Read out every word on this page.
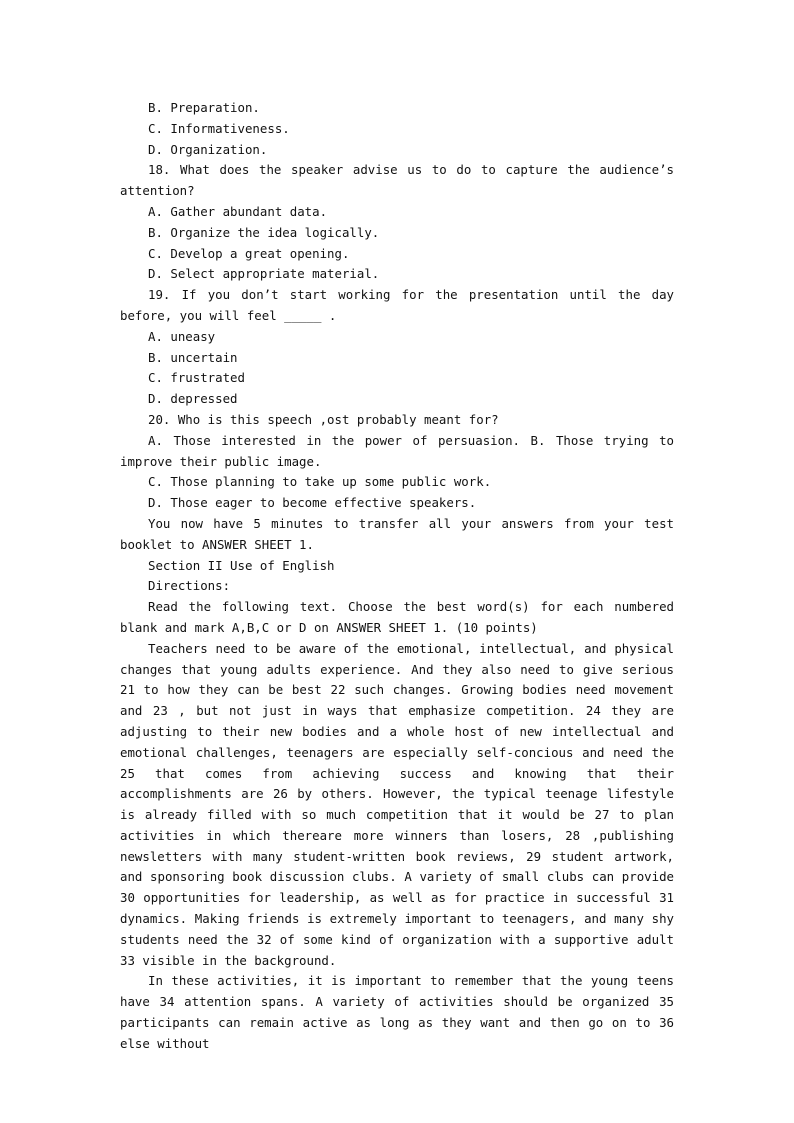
B. Preparation.

C. Informativeness.

D. Organization.

18. What does the speaker advise us to do to capture the audience’s attention?

A. Gather abundant data.

B. Organize the idea logically.

C. Develop a great opening.

D. Select appropriate material.

19. If you don’t start working for the presentation until the day before, you will feel _____ .

A. uneasy

B. uncertain

C. frustrated

D. depressed

20. Who is this speech ,ost probably meant for?

A. Those interested in the power of persuasion. B. Those trying to improve their public image.

C. Those planning to take up some public work.

D. Those eager to become effective speakers.

You now have 5 minutes to transfer all your answers from your test booklet to ANSWER SHEET 1.

Section II Use of English

Directions:

Read the following text. Choose the best word(s) for each numbered blank and mark A,B,C or D on ANSWER SHEET 1. (10 points)

Teachers need to be aware of the emotional, intellectual, and physical changes that young adults experience. And they also need to give serious 21 to how they can be best 22 such changes. Growing bodies need movement and 23 , but not just in ways that emphasize competition. 24 they are adjusting to their new bodies and a whole host of new intellectual and emotional challenges, teenagers are especially self-concious and need the 25 that comes from achieving success and knowing that their accomplishments are 26 by others. However, the typical teenage lifestyle is already filled with so much competition that it would be 27 to plan activities in which thereare more winners than losers, 28 ,publishing newsletters with many student-written book reviews, 29 student artwork, and sponsoring book discussion clubs. A variety of small clubs can provide 30 opportunities for leadership, as well as for practice in successful 31 dynamics. Making friends is extremely important to teenagers, and many shy students need the 32 of some kind of organization with a supportive adult 33 visible in the background.

In these activities, it is important to remember that the young teens have 34 attention spans. A variety of activities should be organized 35 participants can remain active as long as they want and then go on to 36 else without
